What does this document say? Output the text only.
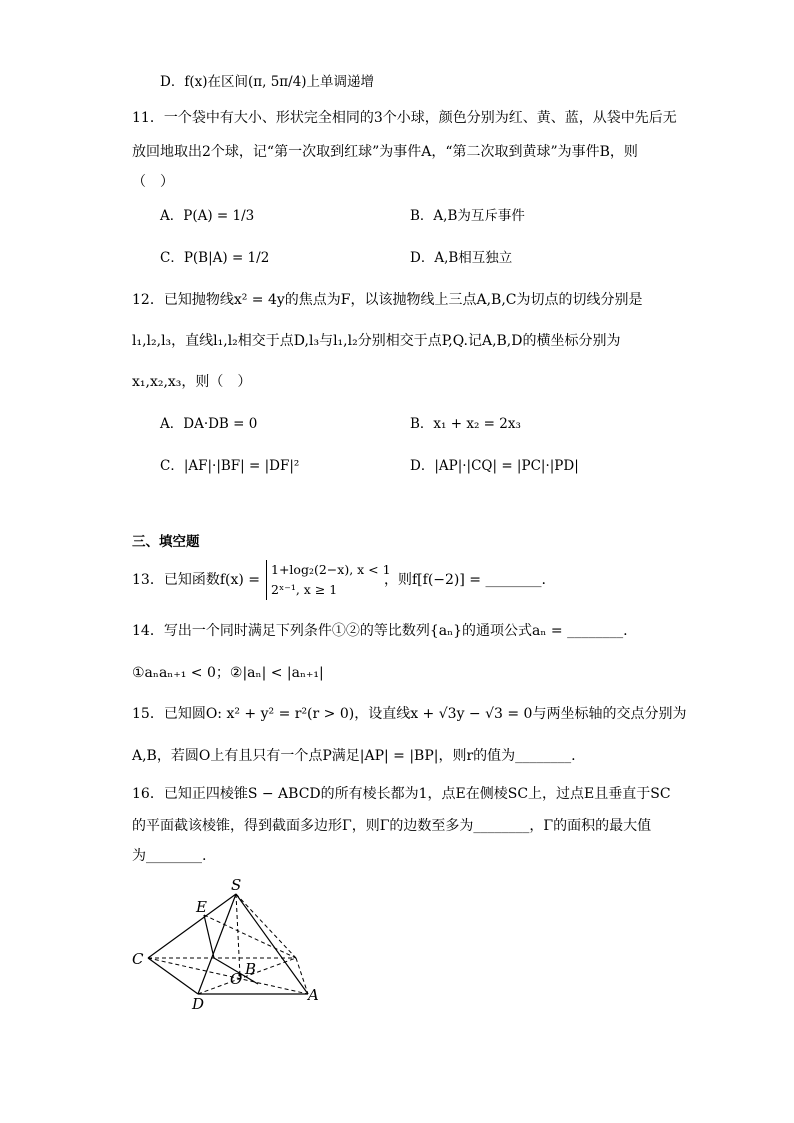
D．f(x)在区间(π, 5π/4)上单调递增
11．一个袋中有大小、形状完全相同的3个小球，颜色分别为红、黄、蓝，从袋中先后无
放回地取出2个球，记“第一次取到红球”为事件A，“第二次取到黄球”为事件B，则
（　）
A．P(A) = 1/3	B．A,B为互斥事件
C．P(B|A) = 1/2	D．A,B相互独立
12．已知抛物线x² = 4y的焦点为F，以该抛物线上三点A,B,C为切点的切线分别是
l₁,l₂,l₃，直线l₁,l₂相交于点D,l₃与l₁,l₂分别相交于点P,Q.记A,B,D的横坐标分别为
x₁,x₂,x₃，则（　）
A．DA·DB = 0	B．x₁ + x₂ = 2x₃
C．|AF|·|BF| = |DF|²	D．|AP|·|CQ| = |PC|·|PD|
三、填空题
13．已知函数f(x) =
1+log₂(2−x), x < 1
2ˣ⁻¹, x ≥ 1
，则f[f(−2)] = ________.
14．写出一个同时满足下列条件①②的等比数列{aₙ}的通项公式aₙ = ________.
①aₙaₙ₊₁ < 0；②|aₙ| < |aₙ₊₁|
15．已知圆O: x² + y² = r²(r > 0)，设直线x + √3y − √3 = 0与两坐标轴的交点分别为
A,B，若圆O上有且只有一个点P满足|AP| = |BP|，则r的值为________.
16．已知正四棱锥S − ABCD的所有棱长都为1，点E在侧棱SC上，过点E且垂直于SC
的平面截该棱锥，得到截面多边形Γ，则Γ的边数至多为________，Γ的面积的最大值
为________.
S
E
C
B
O
D	A
